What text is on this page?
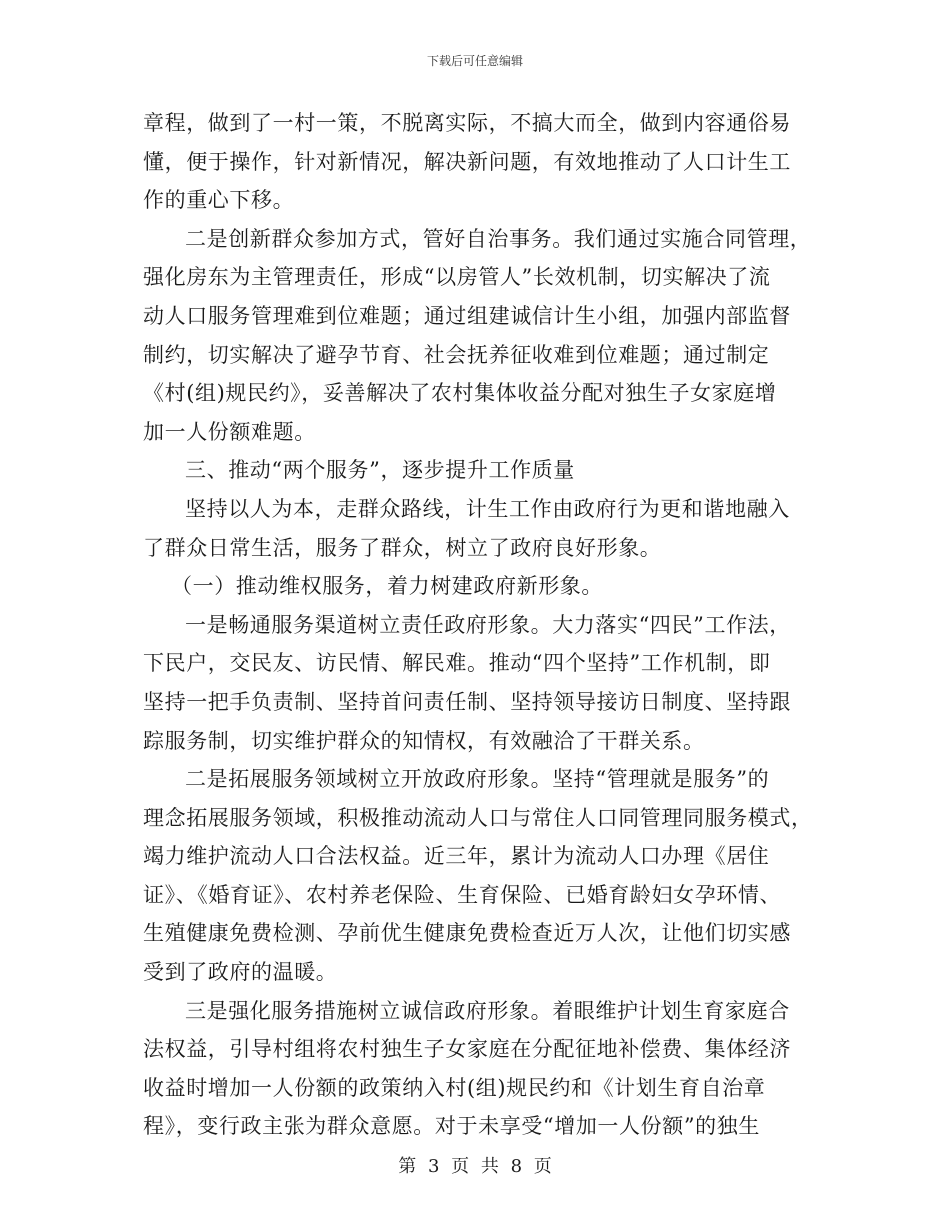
下载后可任意编辑
章程，做到了一村一策，不脱离实际，不搞大而全，做到内容通俗易
懂，便于操作，针对新情况，解决新问题，有效地推动了人口计生工
作的重心下移。
二是创新群众参加方式，管好自治事务。我们通过实施合同管理，
强化房东为主管理责任，形成“以房管人”长效机制，切实解决了流
动人口服务管理难到位难题；通过组建诚信计生小组，加强内部监督
制约，切实解决了避孕节育、社会抚养征收难到位难题；通过制定
《村(组)规民约》，妥善解决了农村集体收益分配对独生子女家庭增
加一人份额难题。
三、推动“两个服务”，逐步提升工作质量
坚持以人为本，走群众路线，计生工作由政府行为更和谐地融入
了群众日常生活，服务了群众，树立了政府良好形象。
（一）推动维权服务，着力树建政府新形象。
一是畅通服务渠道树立责任政府形象。大力落实“四民”工作法，
下民户，交民友、访民情、解民难。推动“四个坚持”工作机制，即
坚持一把手负责制、坚持首问责任制、坚持领导接访日制度、坚持跟
踪服务制，切实维护群众的知情权，有效融洽了干群关系。
二是拓展服务领域树立开放政府形象。坚持“管理就是服务”的
理念拓展服务领域，积极推动流动人口与常住人口同管理同服务模式，
竭力维护流动人口合法权益。近三年，累计为流动人口办理《居住
证》、《婚育证》、农村养老保险、生育保险、已婚育龄妇女孕环情、
生殖健康免费检测、孕前优生健康免费检查近万人次，让他们切实感
受到了政府的温暖。
三是强化服务措施树立诚信政府形象。着眼维护计划生育家庭合
法权益，引导村组将农村独生子女家庭在分配征地补偿费、集体经济
收益时增加一人份额的政策纳入村(组)规民约和《计划生育自治章
程》，变行政主张为群众意愿。对于未享受“增加一人份额”的独生
第 3 页 共 8 页
